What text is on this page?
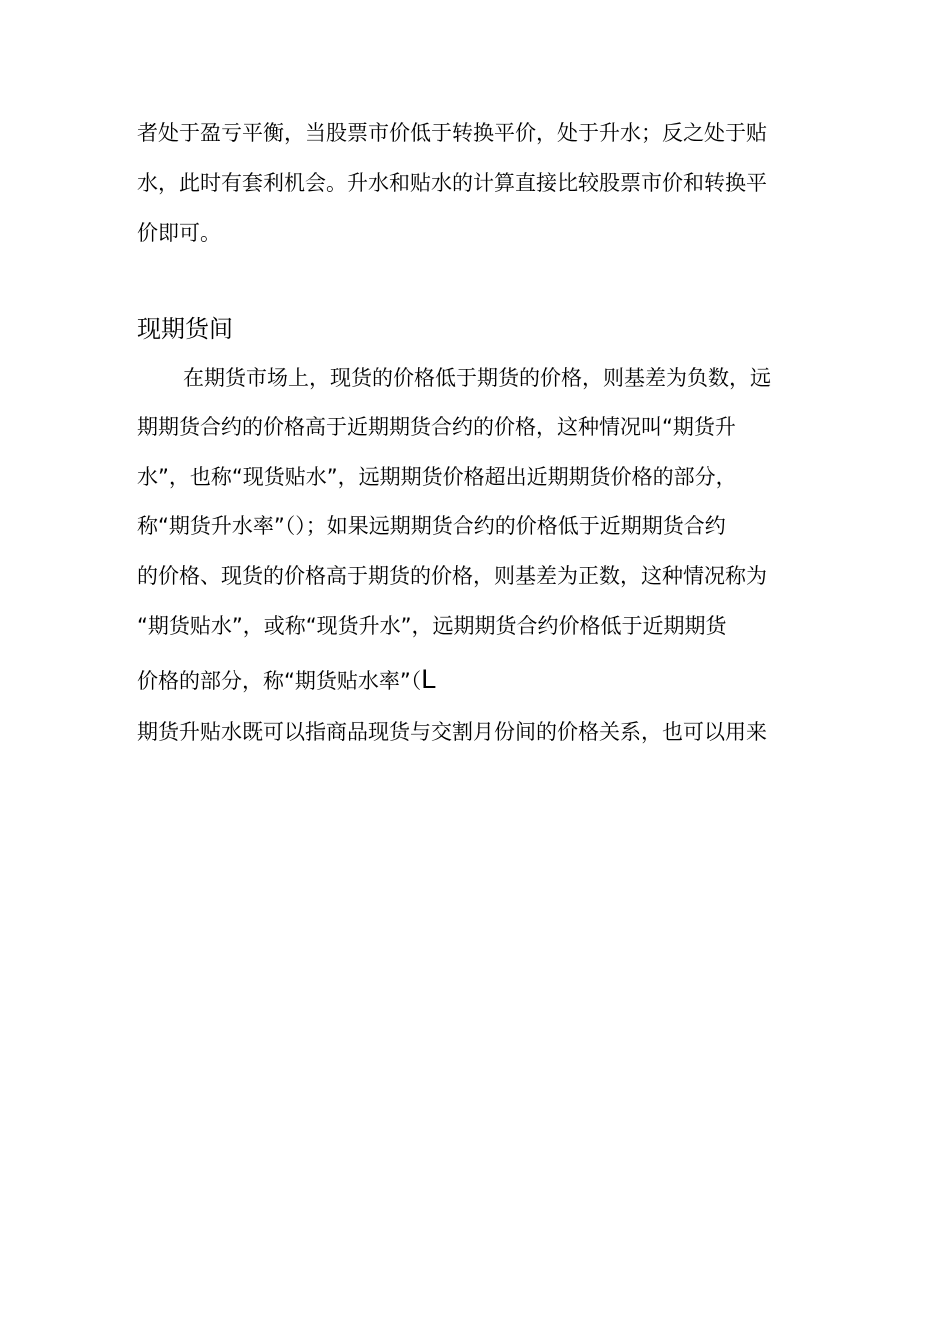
者处于盈亏平衡，当股票市价低于转换平价，处于升水；反之处于贴
水，此时有套利机会。升水和贴水的计算直接比较股票市价和转换平
价即可。
现期货间
在期货市场上，现货的价格低于期货的价格，则基差为负数，远
期期货合约的价格高于近期期货合约的价格，这种情况叫“期货升
水”，也称“现货贴水”，远期期货价格超出近期期货价格的部分，
称“期货升水率”（）；如果远期期货合约的价格低于近期期货合约
的价格、现货的价格高于期货的价格，则基差为正数，这种情况称为
“期货贴水”，或称“现货升水”，远期期货合约价格低于近期期货
价格的部分，称“期货贴水率”（L
期货升贴水既可以指商品现货与交割月份间的价格关系，也可以用来
